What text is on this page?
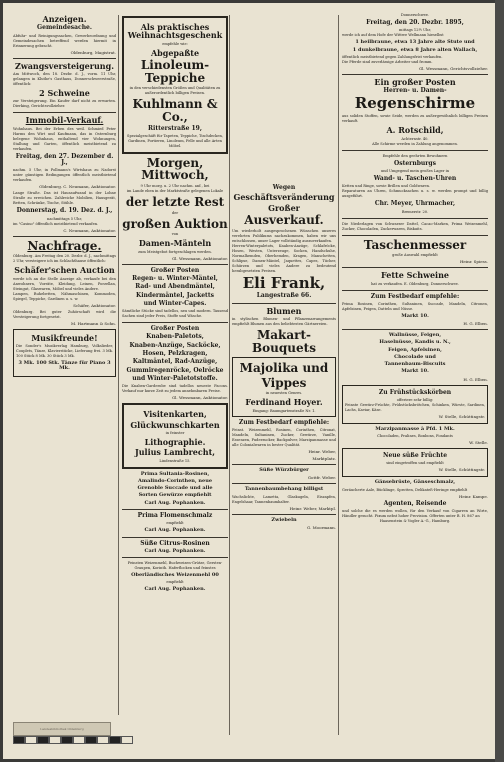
Anzeigen.
Gemeindesache.

Abfuhr- und Reinigungssachen, Gewerbeordnung und Gemeindesachen betreffend werden hiermit in Erinnerung gebracht.

Oldenburg, Magistrat.
Zwangsversteigerung.

Am Mittwoch, den 18. Dezbr. d. J., vorm. 11 Uhr, gelangen in Kluthe's Gasthaus, Donnerschweerstraße, öffentlich:

2 Schweine

zur Versteigerung. Ein Kaufer darf nicht zu erwarten. Dierking, Gerichtsvollzieher.

Immobil-Verkauf.

Wohnhaus. Bei der Erben des weil. Schmied Peter Harms den Wirt und Kaufmann, das in Osternburg belegene Wohnhaus, enthaltend vier Wohnungen, Stallung und Garten, öffentlich meistbietend zu verkaufen.

Freitag, den 27. Dezember d. J.,

nachm. 5 Uhr, in Pollmann's Wirtshaus zu Nadorst unter günstigen Bedingungen öffentlich meistbietend verkaufen.

Oldenburg. C. Neumann, Auktionator.

Lange Straße. Das ist Hausaufwand in der Lohne Straße zu erreichen. Zahlreiche Mobilien, Hausgerät, Betten, Schränke, Tische, Stühle.

Donnerstag, d. 19. Dez. d. J.,
nachmittags 5 Uhr,

im "Casino" öffentlich meistbietend verkaufen.

C. Neumann, Auktionator.
Nachfrage.

Oldenburg. Am Freitag den 20. Dezbr. d. J., nachmittags 2 Uhr, versteigere ich im Schlachthause öffentlich:

Schäfer'schen Auction

werde ich an die Stelle Anzeige ab, verkaufe bei den Anwohnern, Vorräte, Kleidung, Leinen, Porzellan, Steingut, Glaswaren, Möbel und vieles Andere.

Lampen, Ruhebetten, Nähmaschinen, Kommoden, Spiegel, Teppiche, Gardinen u. s. w.

Schäfer, Auktionator.

Oldenburg. Bei guter Zuhörschaft wird die Versteigerung fortgesetzt.

M. Hartmann & Sohn.
Musikfreunde!

Die Sonder's Musikverlag Hamburg, Volkslieder, Couplets, Tänze, Klavierstücke, Lieferung frei. 3 Mk. 100 Stück 8 Mk. 30 Stück 3 Mk.

3 Mk. 100 Stk. Tänze für Piano 3 Mk.
Als praktisches Weihnachtsgeschenk
empfehle wie:
Abgepaßte
Linoleum-Teppiche
in den verschiedensten Größen und Qualitäten zu außerordentlich billigen Preisen.
Kuhlmann & Co.,
Ritterstraße 19,
Spezialgeschäft für Tapeten, Teppiche, Tischdecken, Gardinen, Portieren, Linoleum, Felle und alle Arten Möbel.
Morgen, Mittwoch,
9 Uhr morg. u. 2 Uhr nachm. anf., bei
im Lande eben in der Marktstraße gelegenen Lokale
der letzte Rest
der
großen Auktion
von
Damen-Mänteln
zum Meistgebot fortgeschlagen werden.
Gl. Wessmann, Auktionator.
Großer Posten
Regen- u. Winter-Mäntel,
Rad- und Abendmäntel,
Kindermäntel, Jacketts
und Winter-Capes.

Sämtliche Stücke sind tadellos, neu und modern. Tausend Sachen sind jeder Preis, Stoffe und Wäsche.

Großer Posten
Knaben-Paletots,
Knaben-Anzüge, Sacköcke,
Hosen, Pelzkragen,
Kaltmäntel, Rad-Anzüge,
Gummiregenröcke, Oelröcke
und Winter-Paletotstoffe.

Die Knaben-Garderobe sind tadellos neueste Facons. Verkauf nur kurze Zeit zu jedem annehmbaren Preise.

Gl. Wessmann, Auktionator.
Visitenkarten,
Glückwunschkarten
in feinster
Lithographie.
Julius Lambrecht,
Lindenstraße 15.
Prima Sultania-Rosinen,
Amalindo-Corinthen, neue
Grenoble Succade und alle
Sorten Gewürze empfiehlt
Carl Aug. Pophanken.
Prima Flomenschmalz
empfiehlt
Carl Aug. Pophanken.
Süße Citrus-Rosinen
Carl Aug. Pophanken.

Feinsten Weizenmehl, Buchweizen-Grütze, Gersten-Graupen, Korinth. Haferflocken und feinstes

Oberländisches Weizenmehl 00
empfiehlt
Carl Aug. Pophanken.
Wegen
Geschäftsveränderung
Großer
Ausverkauf.

Um wiederholt ausgesprochenen Wünschen unseres verehrten Publikums nachzukommen, haben wir uns entschlossen, unser Lager vollständig auszuverkaufen.

Herren-Winterpaletots, Knaben-Anzüge, Schlafröcke, Hosen, Westen, Unterzeuge, Socken, Handschuhe, Normalhemden, Oberhemden, Kragen, Manschetten, Schlipse, Damen-Mäntel, Jaquettes, Capes, Tücher, Schürzen und vieles Andere zu bedeutend herabgesetzten Preisen.

Eli Frank,
Langestraße 66.
Blumen

in stylischen Blumen- und Pflanzenarrangements empfiehlt Blumen aus den beliebtesten Gärtnereien.

Makart-Bouquets
Majolika und
Vippes
in neuesten Genres.
Ferdinand Hoyer.
Eingang: Baumgartenstraße Nr. 1.
Zum Festbedarf empfiehle:

Feinst. Weizenmehl, Rosinen, Corinthen, Citronat, Mandeln, Sultaninen, Zucker, Gewürze, Vanille, Essenzen, Puderzucker, Backpulver, Marzipanmasse und alle Colonialwaren in bester Qualität.

Heinr. Weber,
Marktplatz.
Süße Würzbürger
Gottfr. Weber.
Tannenbaumbehang billigst

Wachslichte, Lametta, Glaskugeln, Eiszapfen, Engelshaar, Tannenbaumhalter.

Heinr. Weber, Marktpl.
Zwiebeln
G. Moormann.
Donnerschwee.
Freitag, den 20. Dezbr. 1895,
mittags 12½ Uhr,

werde ich auf dem Hofe der Wittwe Wellmann hieselbst

1 heilbraune, etwa 13 Jahre alte Stute und
1 dunkelbraune, etwa 8 Jahre alten Wallach,

öffentlich meistbietend gegen Zahlungsfrist verkaufen.

Die Pferde sind zuverlässige Arbeiter und fromm.

Gl. Wessmann, Gerichtsvollzieher.
Ein großer Posten
Herren- u. Damen-
Regenschirme

aus soliden Stoffen, sowie Seide, werden zu außergewöhnlich billigen Preisen verkauft.

A. Rotschild,
Achternstr. 40.
Alle Schirme werden in Zahlung angenommen.
Empfehle den geehrten Bewohnern
Osternburgs
und Umgegend mein großes Lager in
Wand- u. Taschen-Uhren

Ketten und Ringe, sowie Brillen und Goldwaren.

Reparaturen an Uhren, Schmucksachen u. s. w. werden prompt und billig ausgeführt.

Chr. Meyer, Uhrmacher,
Bremerstr. 20.

Die Niederlagen von Schwarzer Dattel, Cacao-Marken, Prima Weizenmehl, Zucker, Chocoladen, Zuckerwaren, Biskuits.

Taschenmesser
große Auswahl empfiehlt
Heinr. Spiess.
Fette Schweine
hat zu verkaufen. E. Oldenburg, Donnerschwee.
Zum Festbedarf empfehle:

Prima Rosinen, Corinthen, Sultaninen, Succade, Mandeln, Citronen, Apfelsinen, Feigen, Datteln und Nüsse.

Markt 10.
H. G. Elben.
Wallnüsse, Feigen,
Haselnüsse, Kandis u. N.,
Feigen, Apfelsinen,
Chocolade und
Tannenbaum-Biscuits
Markt 10.
H. G. Elben.
Zu Frühstückskörben
offeriere sehr billig:

Feinste Gewürz-Früchte, Frühstücksbrötchen, Schinken, Würste, Sardinen, Lachs, Kaviar, Käse.

W. Stelle, Schüttingstr.
Marzipanmasse à Pfd. 1 Mk.
Chocoladen, Pralines, Bonbons, Fondants
W. Stelle.
Neue süße Früchte
sind eingetroffen und empfiehlt
W. Stelle, Schüttingstr.
Gänsebrüste, Gänseschmalz,

Geräucherte Aale, Bücklinge, Sprotten, Delikateß-Heringe empfiehlt

Heinr. Kampe.
Agenten, Reisende

und solche die es werden wollen, für den Verkauf von Cigarren an Wirte, Händler gesucht. Fixum nebst hoher Provision. Offerten unter B. H. 867 an

Haasenstein & Vogler A.-G., Hamburg.
Landesbibliothek Oldenburg
